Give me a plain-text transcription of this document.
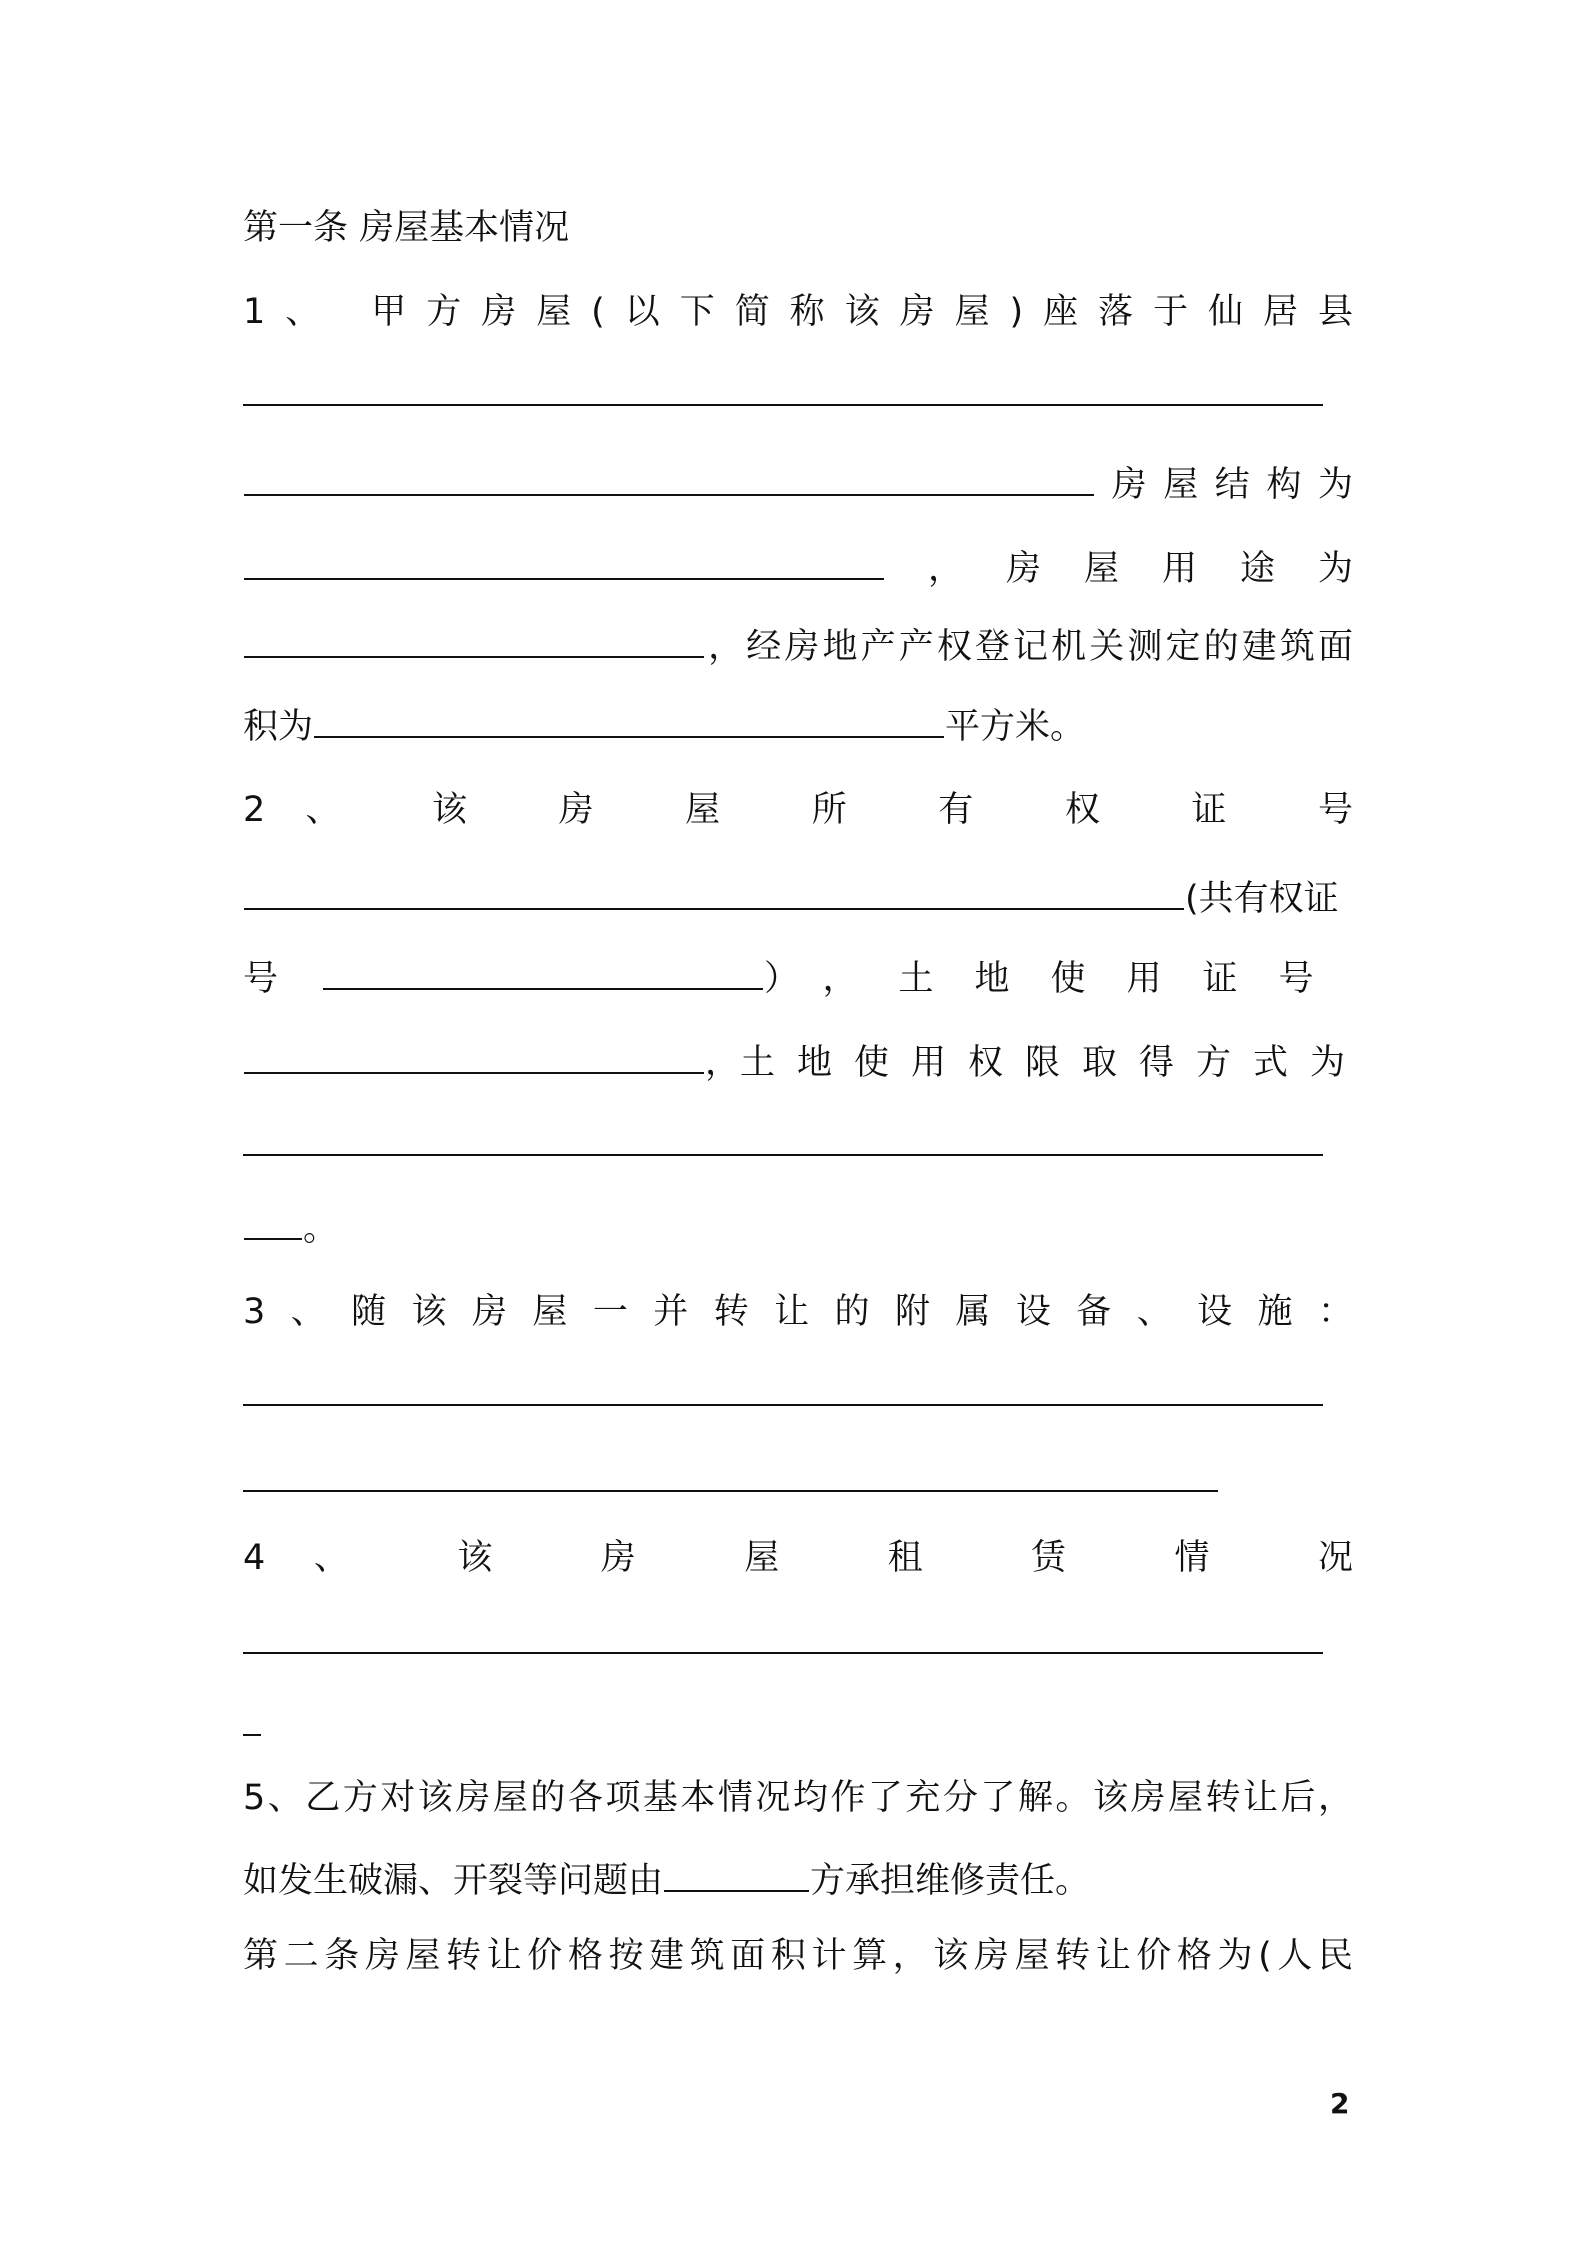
第一条 房屋基本情况
1、 甲方房屋(以下简称该房屋)座落于仙居县
房屋结构为
，房屋用途为
，经房地产产权登记机关测定的建筑面
积为	平方米。
2、 该 房 屋 所 有 权 证 号
(共有权证
号	），土地使用证号
，土地使用权限取得方式为
。
3、随该房屋一并转让的附属设备、设施：
4、 该 房 屋 租 赁 情 况
5、乙方对该房屋的各项基本情况均作了充分了解。该房屋转让后，
如发生破漏、开裂等问题由	方承担维修责任。
第二条房屋转让价格按建筑面积计算，该房屋转让价格为(人民
2
